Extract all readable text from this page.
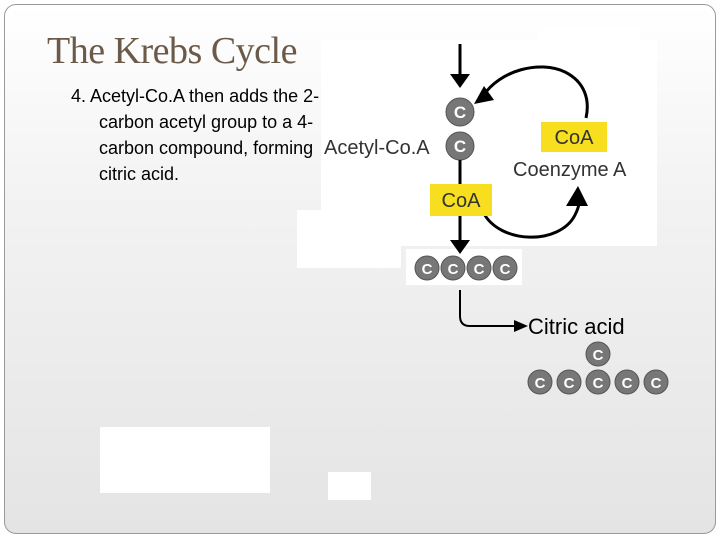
The Krebs Cycle
4. Acetyl-Co.A then adds the 2-carbon acetyl group to a 4-carbon compound, forming citric acid.
C
C
Acetyl-Co.A	CoA
Coenzyme A
CoA
C C C C
Citric acid
C
C C C C C
